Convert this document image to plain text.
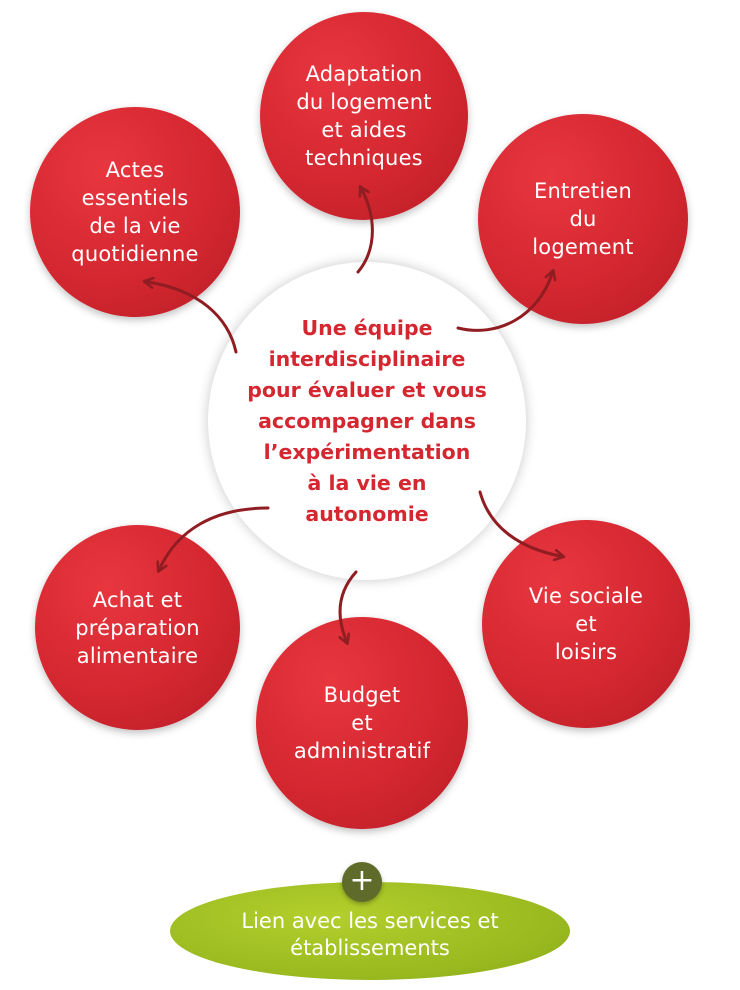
Adaptation
du logement
et aides
techniques
Actes
essentiels
de la vie
quotidienne
Entretien
du
logement
Achat et
préparation
alimentaire
Vie sociale
et
loisirs
Budget
et
administratif
Une équipe
interdisciplinaire
pour évaluer et vous
accompagner dans
l’expérimentation
à la vie en
autonomie
Lien avec les services et
établissements
+
